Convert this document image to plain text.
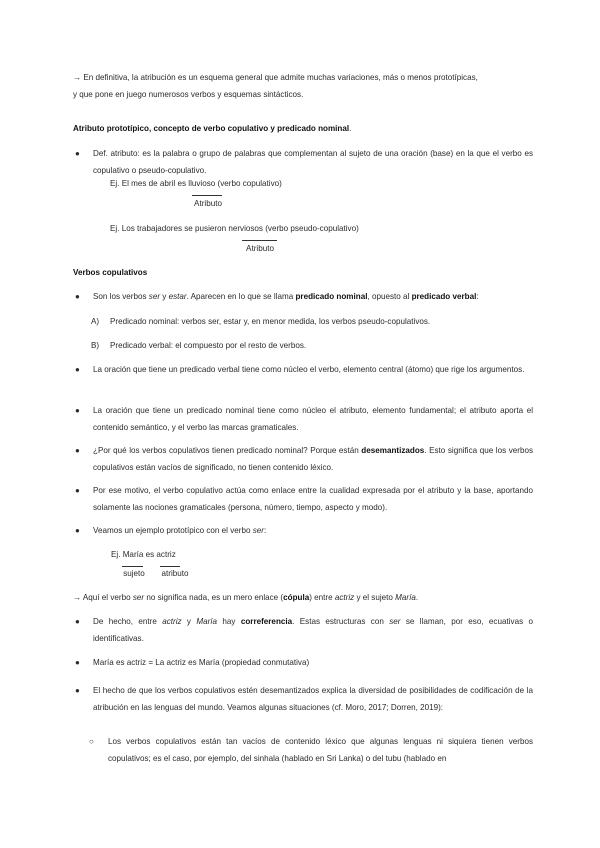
→ En definitiva, la atribución es un esquema general que admite muchas variaciones, más o menos prototípicas,
y que pone en juego numerosos verbos y esquemas sintácticos.
Atributo prototípico, concepto de verbo copulativo y predicado nominal.
● Def. atributo: es la palabra o grupo de palabras que complementan al sujeto de una oración (base) en la que el verbo es copulativo o pseudo-copulativo.
Ej. El mes de abril es lluvioso (verbo copulativo)
Atributo
Ej. Los trabajadores se pusieron nerviosos (verbo pseudo-copulativo)
Atributo
Verbos copulativos
● Son los verbos ser y estar. Aparecen en lo que se llama predicado nominal, opuesto al predicado verbal:
A) Predicado nominal: verbos ser, estar y, en menor medida, los verbos pseudo-copulativos.
B) Predicado verbal: el compuesto por el resto de verbos.
● La oración que tiene un predicado verbal tiene como núcleo el verbo, elemento central (átomo) que rige los argumentos.
● La oración que tiene un predicado nominal tiene como núcleo el atributo, elemento fundamental; el atributo aporta el contenido semántico, y el verbo las marcas gramaticales.
● ¿Por qué los verbos copulativos tienen predicado nominal? Porque están desemantizados. Esto significa que los verbos copulativos están vacíos de significado, no tienen contenido léxico.
● Por ese motivo, el verbo copulativo actúa como enlace entre la cualidad expresada por el atributo y la base, aportando solamente las nociones gramaticales (persona, número, tiempo, aspecto y modo).
● Veamos un ejemplo prototípico con el verbo ser:
Ej. María es actriz
sujeto	atributo
→ Aquí el verbo ser no significa nada, es un mero enlace (cópula) entre actriz y el sujeto María.
● De hecho, entre actriz y María hay correferencia. Estas estructuras con ser se llaman, por eso, ecuativas o identificativas.
● María es actriz = La actriz es María (propiedad conmutativa)
● El hecho de que los verbos copulativos estén desemantizados explica la diversidad de posibilidades de codificación de la atribución en las lenguas del mundo. Veamos algunas situaciones (cf. Moro, 2017; Dorren, 2019):
○ Los verbos copulativos están tan vacíos de contenido léxico que algunas lenguas ni siquiera tienen verbos copulativos; es el caso, por ejemplo, del sinhala (hablado en Sri Lanka) o del tubu (hablado en
